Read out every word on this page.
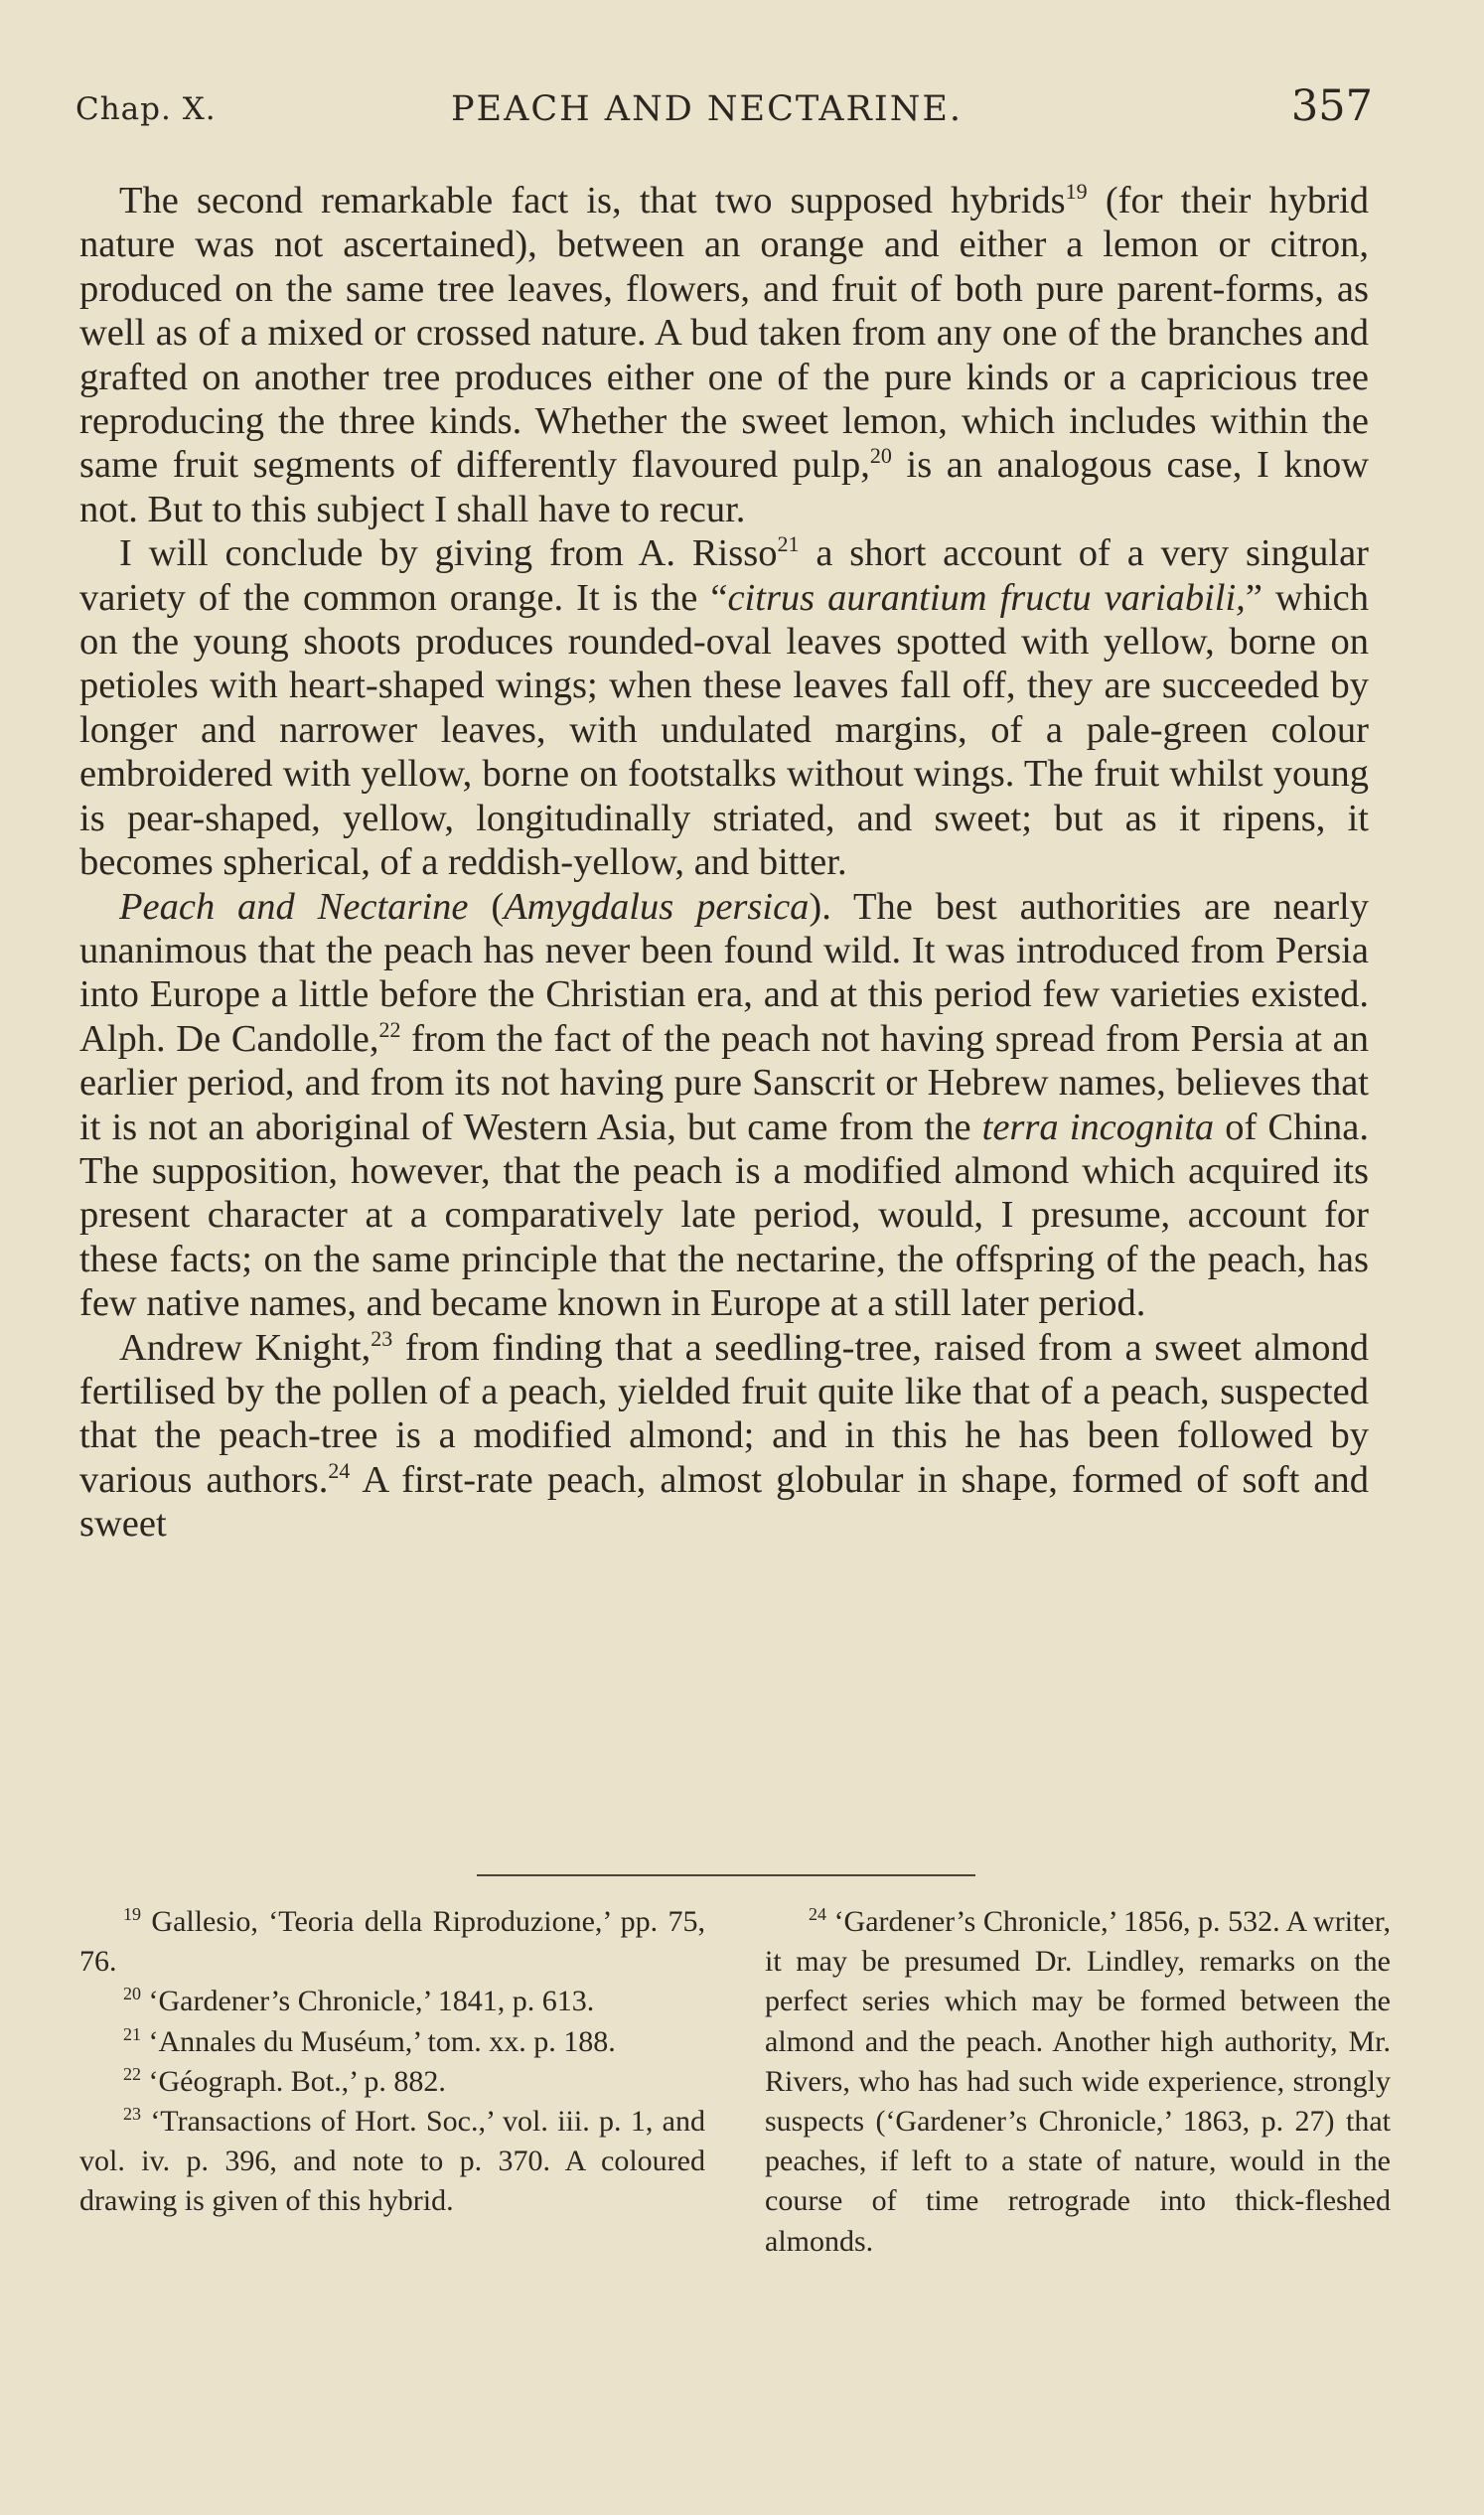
Chap. X.	PEACH AND NECTARINE.	357

The second remarkable fact is, that two supposed hybrids$^{19}$ (for their hybrid nature was not ascertained), between an orange and either a lemon or citron, produced on the same tree leaves, flowers, and fruit of both pure parent-forms, as well as of a mixed or crossed nature. A bud taken from any one of the branches and grafted on another tree produces either one of the pure kinds or a capricious tree reproducing the three kinds. Whether the sweet lemon, which includes within the same fruit segments of differently flavoured pulp,$^{20}$ is an analogous case, I know not. But to this subject I shall have to recur.

I will conclude by giving from A. Risso$^{21}$ a short account of a very singular variety of the common orange. It is the “citrus aurantium fructu variabili,” which on the young shoots produces rounded-oval leaves spotted with yellow, borne on petioles with heart-shaped wings; when these leaves fall off, they are succeeded by longer and narrower leaves, with undulated margins, of a pale-green colour embroidered with yellow, borne on footstalks without wings. The fruit whilst young is pear-shaped, yellow, longitudinally striated, and sweet; but as it ripens, it becomes spherical, of a reddish-yellow, and bitter.

Peach and Nectarine (Amygdalus persica). The best authorities are nearly unanimous that the peach has never been found wild. It was introduced from Persia into Europe a little before the Christian era, and at this period few varieties existed. Alph. De Candolle,$^{22}$ from the fact of the peach not having spread from Persia at an earlier period, and from its not having pure Sanscrit or Hebrew names, believes that it is not an aboriginal of Western Asia, but came from the terra incognita of China. The supposition, however, that the peach is a modified almond which acquired its present character at a comparatively late period, would, I presume, account for these facts; on the same principle that the nectarine, the offspring of the peach, has few native names, and became known in Europe at a still later period.

Andrew Knight,$^{23}$ from finding that a seedling-tree, raised from a sweet almond fertilised by the pollen of a peach, yielded fruit quite like that of a peach, suspected that the peach-tree is a modified almond; and in this he has been followed by various authors.$^{24}$ A first-rate peach, almost globular in shape, formed of soft and sweet

$^{19}$ Gallesio, ‘Teoria della Riproduzione,’ pp. 75, 76.

$^{20}$ ‘Gardener’s Chronicle,’ 1841, p. 613.

$^{21}$ ‘Annales du Muséum,’ tom. xx. p. 188.

$^{22}$ ‘Géograph. Bot.,’ p. 882.

$^{23}$ ‘Transactions of Hort. Soc.,’ vol. iii. p. 1, and vol. iv. p. 396, and note to p. 370. A coloured drawing is given of this hybrid.

$^{24}$ ‘Gardener’s Chronicle,’ 1856, p. 532. A writer, it may be presumed Dr. Lindley, remarks on the perfect series which may be formed between the almond and the peach. Another high authority, Mr. Rivers, who has had such wide experience, strongly suspects (‘Gardener’s Chronicle,’ 1863, p. 27) that peaches, if left to a state of nature, would in the course of time retrograde into thick-fleshed almonds.
